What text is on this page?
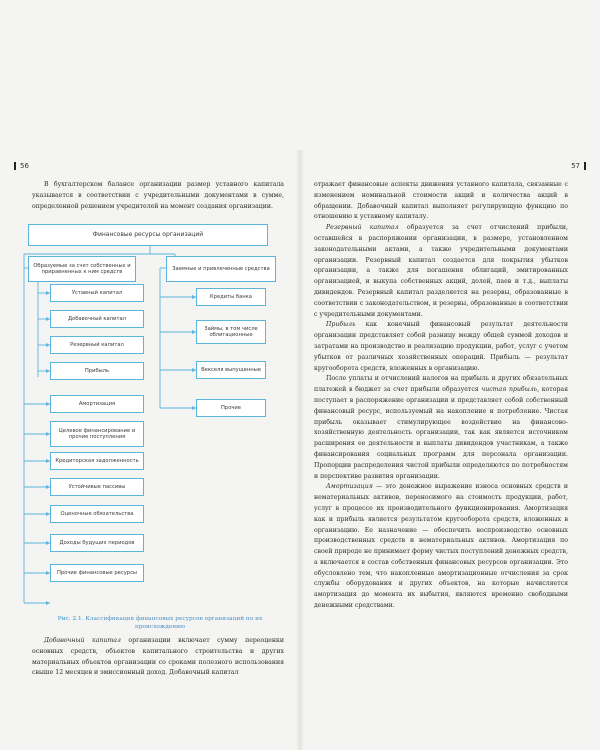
56

В бухгалтерском балансе организации размер уставного капитала указывается в соответствии с учредительными документами в сумме, определенной решением учредителей на момент создания организации.

Финансовые ресурсы организаций
Образуемые за счет собственных и приравненных к ним средств
Заемные и привлеченные средства
Уставный капитал
Добавочный капитал
Резервный капитал
Прибыль
Амортизация
Целевое финансирование и прочие поступления
Кредиторская задолженность
Устойчивые пассивы
Оценочные обязательства
Доходы будущих периодов
Прочие финансовые ресурсы
Кредиты банка
Займы, в том числе облигационные
Векселя выпущенные
Прочие
Рис. 2.1. Классификация финансовых ресурсов организаций по их происхождению

Добавочный капитал организации включает сумму переоценки основных средств, объектов капитального строительства и других материальных объектов организации со сроками полезного использования свыше 12 месяцев и эмиссионный доход. Добавочный капитал

57

отражает финансовые аспекты движения уставного капитала, связанные с изменением номинальной стоимости акций и количества акций в обращении. Добавочный капитал выполняет регулирующую функцию по отношению к уставному капиталу.

Резервный капитал образуется за счет отчислений прибыли, оставшейся в распоряжении организации, в размере, установленном законодательными актами, а также учредительными документами организации. Резервный капитал создается для покрытия убытков организации, а также для погашения облигаций, эмитированных организацией, и выкупа собственных акций, долей, паев и т.д., выплаты дивидендов. Резервный капитал разделяется на резервы, образованные в соответствии с законодательством, и резервы, образованные в соответствии с учредительными документами.

Прибыль как конечный финансовый результат деятельности организации представляет собой разницу между общей суммой доходов и затратами на производство и реализацию продукции, работ, услуг с учетом убытков от различных хозяйственных операций. Прибыль — результат кругооборота средств, вложенных в организацию.

После уплаты и отчислений налогов на прибыль и других обязательных платежей в бюджет за счет прибыли образуется чистая прибыль, которая поступает в распоряжение организации и представляет собой собственный финансовый ресурс, используемый на накопление и потребление. Чистая прибыль оказывает стимулирующее воздействие на финансово-хозяйственную деятельность организации, так как является источником расширения ее деятельности и выплаты дивидендов участникам, а также финансирования социальных программ для персонала организации. Пропорции распределения чистой прибыли определяются по потребностям и перспективе развития организации.

Амортизация — это денежное выражение износа основных средств и нематериальных активов, переносимого на стоимость продукции, работ, услуг в процессе их производительного функционирования. Амортизация как и прибыль является результатом кругооборота средств, вложенных в организацию. Ее назначение — обеспечить воспроизводство основных производственных средств и нематериальных активов. Амортизация по своей природе не принимает форму чистых поступлений денежных средств, а включается в состав собственных финансовых ресурсов организации. Это обусловлено тем, что накопленные амортизационные отчисления за срок службы оборудования и других объектов, на которые начисляется амортизация до момента их выбытия, являются временно свободными денежными средствами.
